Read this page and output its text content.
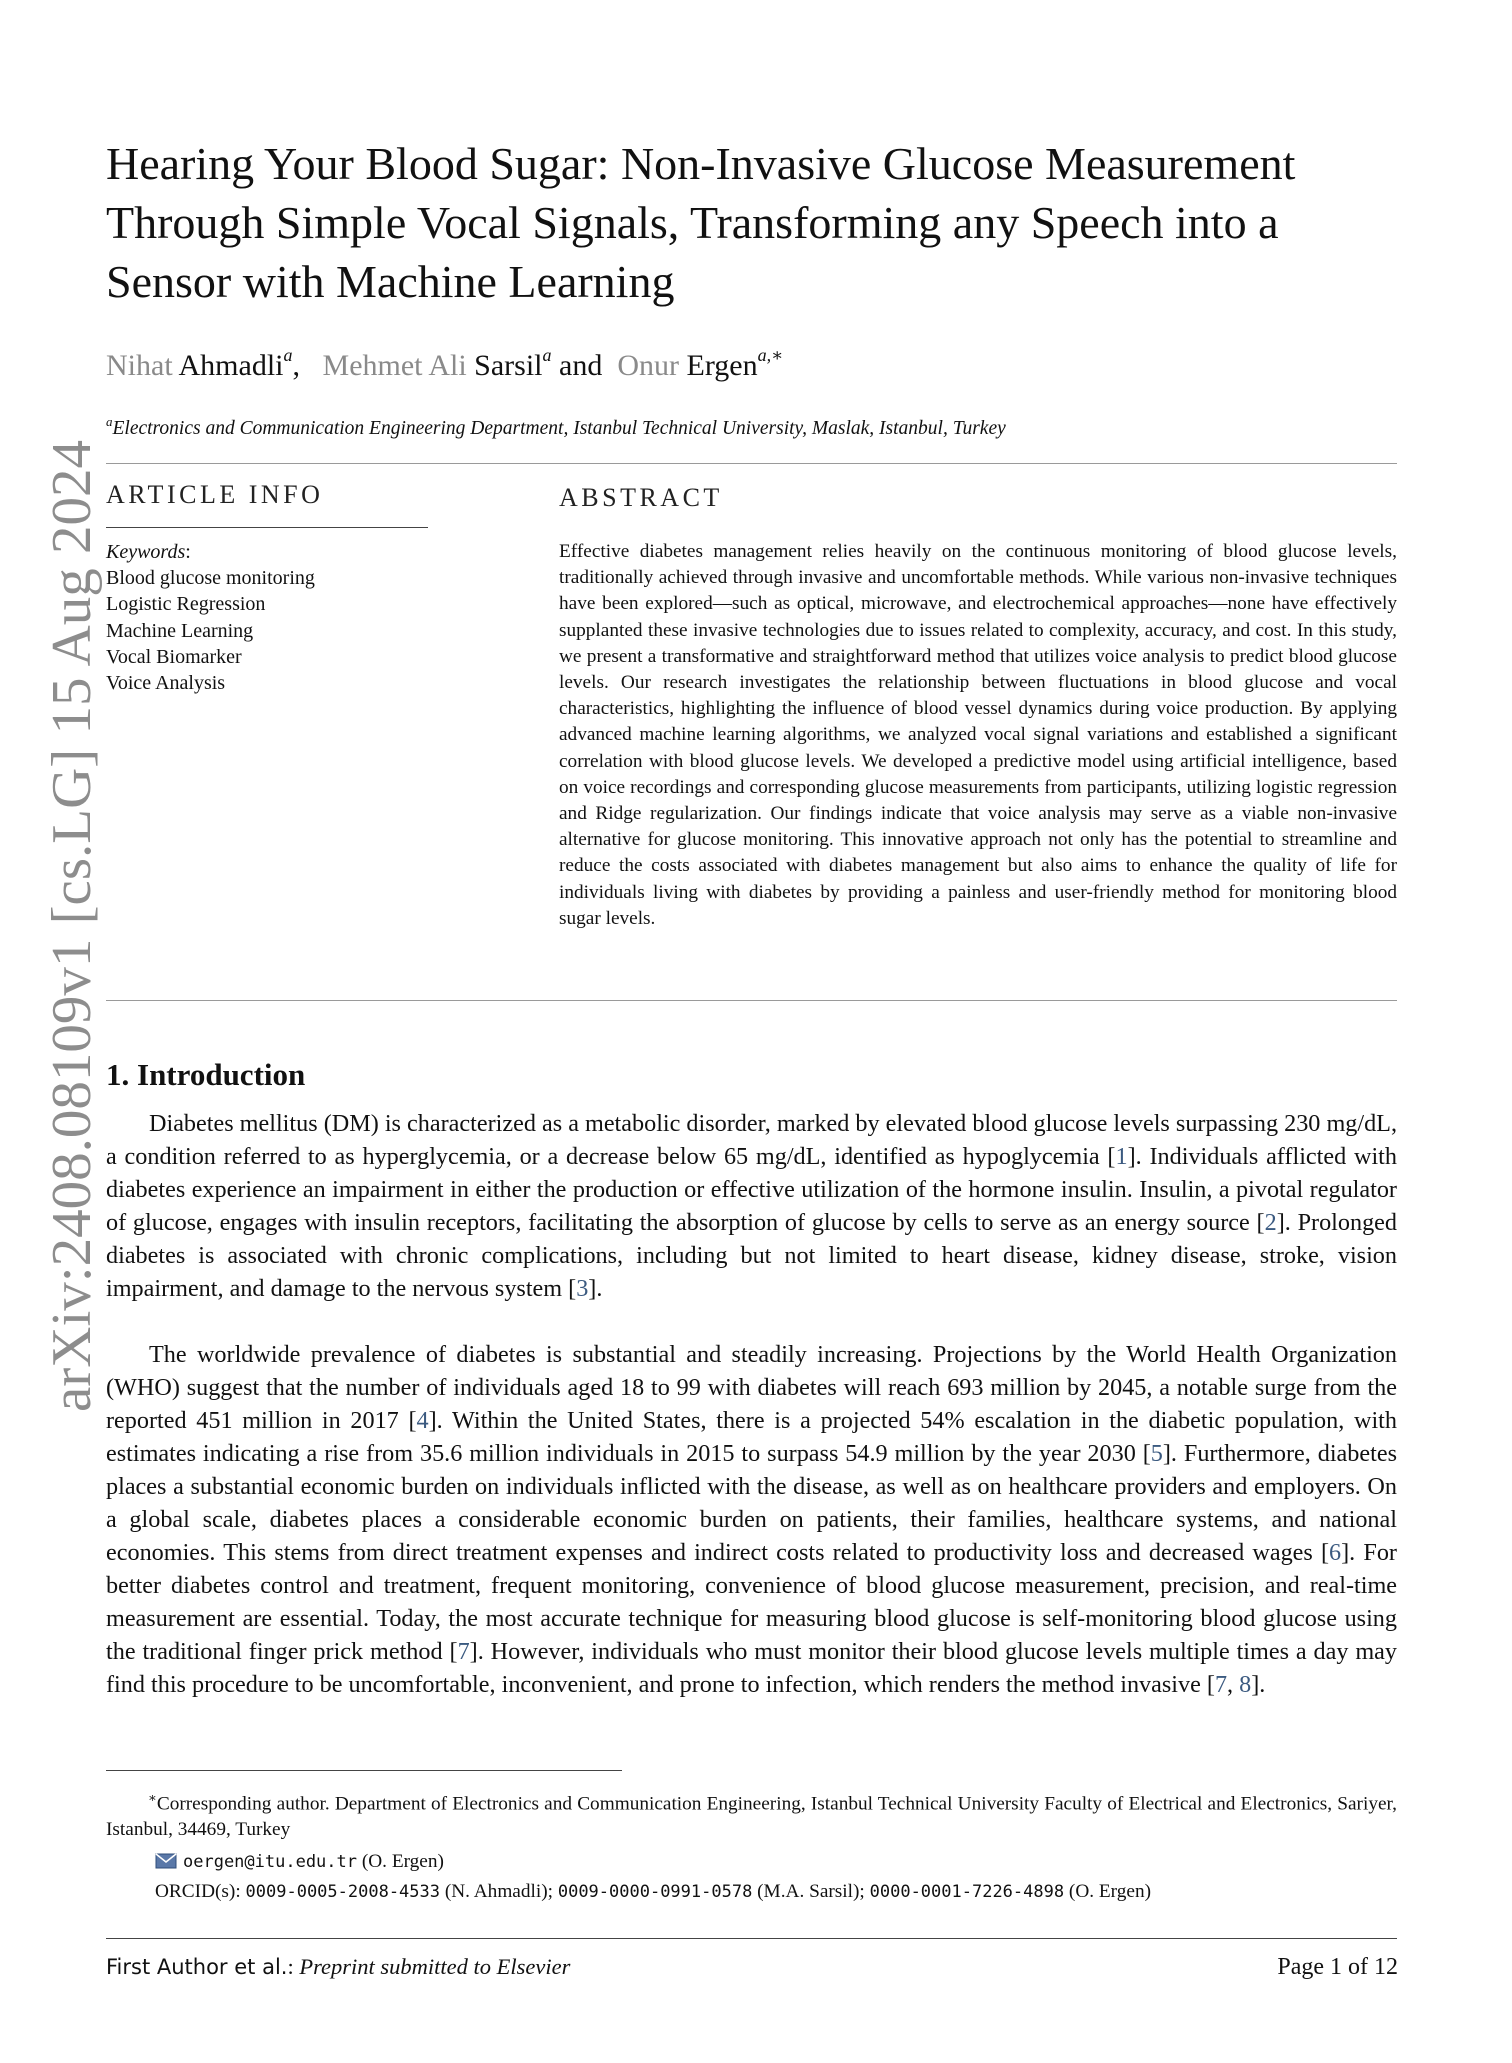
arXiv:2408.08109v1 [cs.LG] 15 Aug 2024
Hearing Your Blood Sugar: Non-Invasive Glucose Measurement Through Simple Vocal Signals, Transforming any Speech into a Sensor with Machine Learning
Nihat Ahmadli$^a$, Mehmet Ali Sarsil$^a$ and Onur Ergen$^{a,∗}$
$^a$Electronics and Communication Engineering Department, Istanbul Technical University, Maslak, Istanbul, Turkey
ARTICLE INFO
Keywords:
Blood glucose monitoring
Logistic Regression
Machine Learning
Vocal Biomarker
Voice Analysis
ABSTRACT
Effective diabetes management relies heavily on the continuous monitoring of blood glucose levels, traditionally achieved through invasive and uncomfortable methods. While various non-invasive techniques have been explored—such as optical, microwave, and electrochemical approaches—none have effectively supplanted these invasive technologies due to issues related to complexity, accuracy, and cost. In this study, we present a transformative and straightforward method that utilizes voice analysis to predict blood glucose levels. Our research investigates the relationship between fluctuations in blood glucose and vocal characteristics, highlighting the influence of blood vessel dynamics during voice production. By applying advanced machine learning algorithms, we analyzed vocal signal variations and established a significant correlation with blood glucose levels. We developed a predictive model using artificial intelligence, based on voice recordings and corresponding glucose measurements from participants, utilizing logistic regression and Ridge regularization. Our findings indicate that voice analysis may serve as a viable non-invasive alternative for glucose monitoring. This innovative approach not only has the potential to streamline and reduce the costs associated with diabetes management but also aims to enhance the quality of life for individuals living with diabetes by providing a painless and user-friendly method for monitoring blood sugar levels.
1. Introduction
Diabetes mellitus (DM) is characterized as a metabolic disorder, marked by elevated blood glucose levels surpassing 230 mg/dL, a condition referred to as hyperglycemia, or a decrease below 65 mg/dL, identified as hypoglycemia [1]. Individuals afflicted with diabetes experience an impairment in either the production or effective utilization of the hormone insulin. Insulin, a pivotal regulator of glucose, engages with insulin receptors, facilitating the absorption of glucose by cells to serve as an energy source [2]. Prolonged diabetes is associated with chronic complications, including but not limited to heart disease, kidney disease, stroke, vision impairment, and damage to the nervous system [3].
The worldwide prevalence of diabetes is substantial and steadily increasing. Projections by the World Health Organization (WHO) suggest that the number of individuals aged 18 to 99 with diabetes will reach 693 million by 2045, a notable surge from the reported 451 million in 2017 [4]. Within the United States, there is a projected 54% escalation in the diabetic population, with estimates indicating a rise from 35.6 million individuals in 2015 to surpass 54.9 million by the year 2030 [5]. Furthermore, diabetes places a substantial economic burden on individuals inflicted with the disease, as well as on healthcare providers and employers. On a global scale, diabetes places a considerable economic burden on patients, their families, healthcare systems, and national economies. This stems from direct treatment expenses and indirect costs related to productivity loss and decreased wages [6]. For better diabetes control and treatment, frequent monitoring, convenience of blood glucose measurement, precision, and real-time measurement are essential. Today, the most accurate technique for measuring blood glucose is self-monitoring blood glucose using the traditional finger prick method [7]. However, individuals who must monitor their blood glucose levels multiple times a day may find this procedure to be uncomfortable, inconvenient, and prone to infection, which renders the method invasive [7, 8].
∗Corresponding author. Department of Electronics and Communication Engineering, Istanbul Technical University Faculty of Electrical and Electronics, Sariyer, Istanbul, 34469, Turkey
oergen@itu.edu.tr (O. Ergen)
ORCID(s): 0009-0005-2008-4533 (N. Ahmadli); 0009-0000-0991-0578 (M.A. Sarsil); 0000-0001-7226-4898 (O. Ergen)
First Author et al.: Preprint submitted to Elsevier	Page 1 of 12
